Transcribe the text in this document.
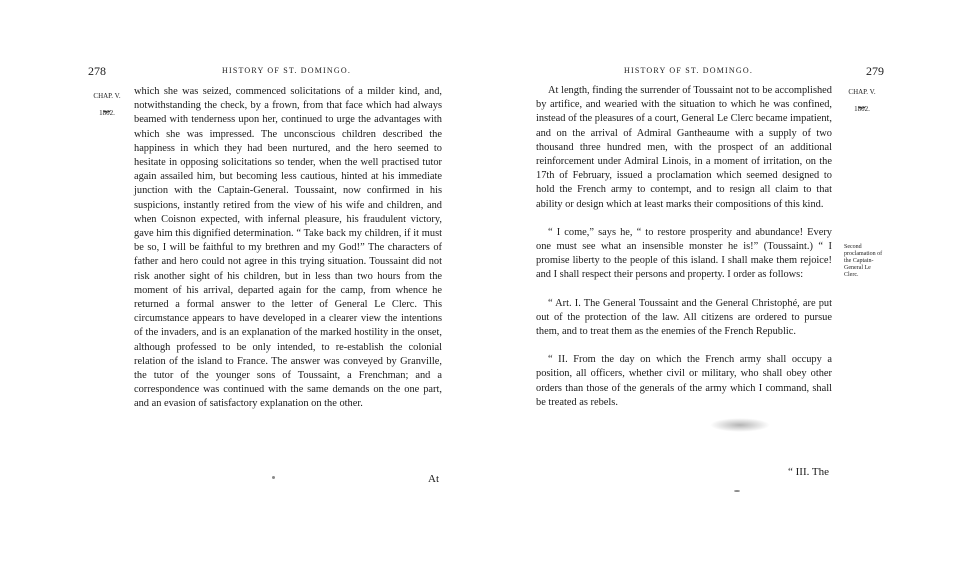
278	HISTORY OF ST. DOMINGO.
CHAP. V.
⏟
1802.

which she was seized, commenced solicitations of a milder kind, and, notwithstanding the check, by a frown, from that face which had always beamed with tenderness upon her, continued to urge the advantages with which she was impressed. The unconscious children described the happiness in which they had been nurtured, and the hero seemed to hesitate in opposing solicitations so tender, when the well practised tutor again assailed him, but becoming less cautious, hinted at his immediate junction with the Captain-General. Toussaint, now confirmed in his suspicions, instantly retired from the view of his wife and children, and when Coisnon expected, with infernal pleasure, his fraudulent victory, gave him this dignified determination. “ Take back my children, if it must be so, I will be faithful to my brethren and my God!” The characters of father and hero could not agree in this trying situation. Toussaint did not risk another sight of his children, but in less than two hours from the moment of his arrival, departed again for the camp, from whence he returned a formal answer to the letter of General Le Clerc. This circumstance appears to have developed in a clearer view the intentions of the invaders, and is an explanation of the marked hostility in the onset, although professed to be only intended, to re-establish the colonial relation of the island to France. The answer was conveyed by Granville, the tutor of the younger sons of Toussaint, a Frenchman; and a correspondence was continued with the same demands on the one part, and an evasion of satisfactory explanation on the other.

At
HISTORY OF ST. DOMINGO.	279
CHAP. V.
⏟
1802.
Second proclamation of the Captain-General Le Clerc.

At length, finding the surrender of Toussaint not to be accomplished by artifice, and wearied with the situation to which he was confined, instead of the pleasures of a court, General Le Clerc became impatient, and on the arrival of Admiral Gantheaume with a supply of two thousand three hundred men, with the prospect of an additional reinforcement under Admiral Linois, in a moment of irritation, on the 17th of February, issued a proclamation which seemed designed to hold the French army to contempt, and to resign all claim to that ability or design which at least marks their compositions of this kind.

“ I come,” says he, “ to restore prosperity and abundance! Every one must see what an insensible monster he is!” (Toussaint.) “ I promise liberty to the people of this island. I shall make them rejoice! and I shall respect their persons and property. I order as follows:

“ Art. I. The General Toussaint and the General Christophé, are put out of the protection of the law. All citizens are ordered to pursue them, and to treat them as the enemies of the French Republic.

“ II. From the day on which the French army shall occupy a position, all officers, whether civil or military, who shall obey other orders than those of the generals of the army which I command, shall be treated as rebels.

“ III. The
